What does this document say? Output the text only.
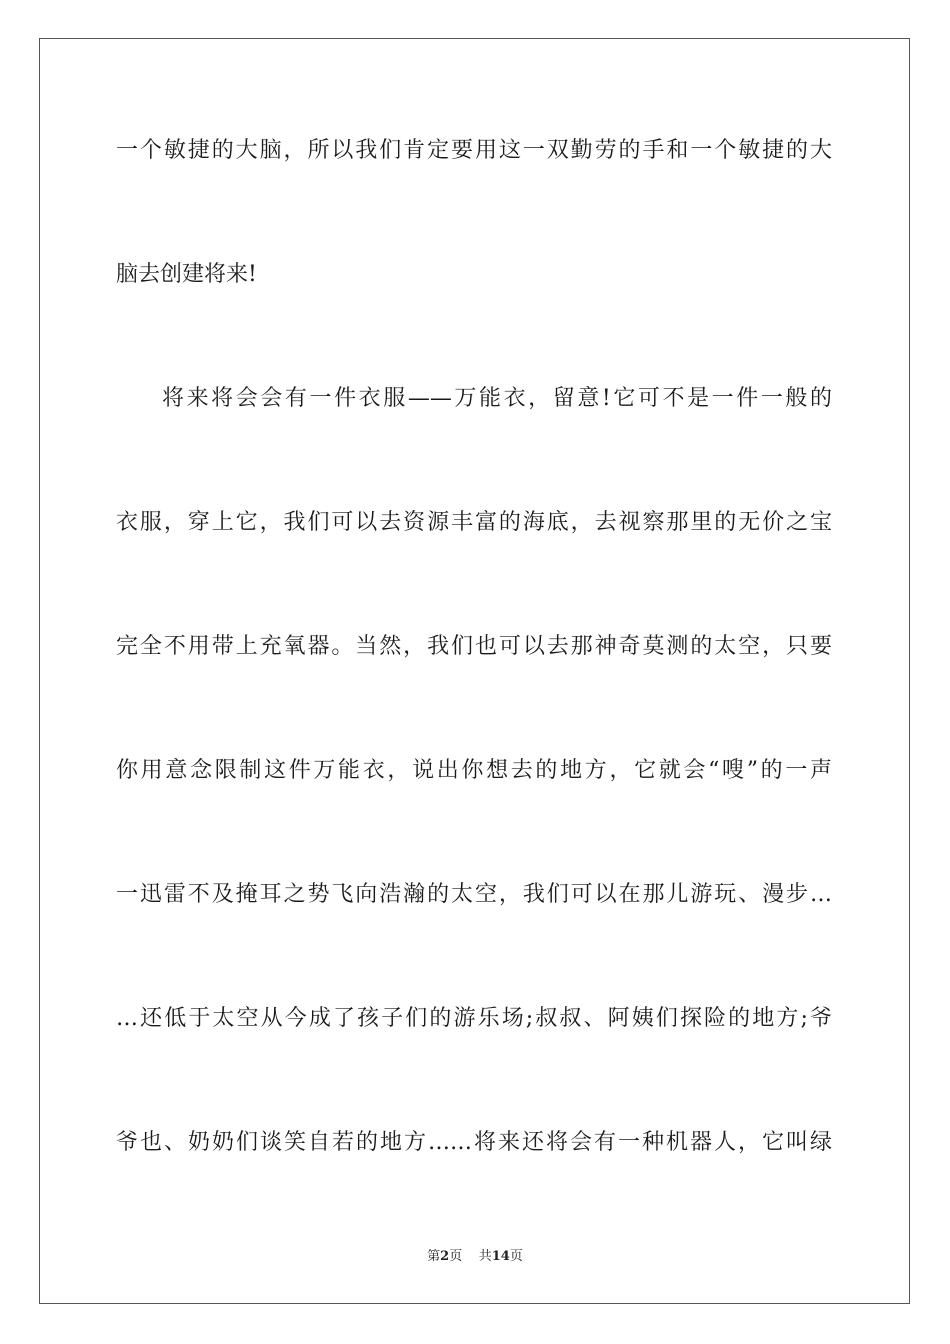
一个敏捷的大脑，所以我们肯定要用这一双勤劳的手和一个敏捷的大
脑去创建将来!
将来将会会有一件衣服——万能衣，留意!它可不是一件一般的
衣服，穿上它，我们可以去资源丰富的海底，去视察那里的无价之宝
完全不用带上充氧器。当然，我们也可以去那神奇莫测的太空，只要
你用意念限制这件万能衣，说出你想去的地方，它就会“嗖”的一声
一迅雷不及掩耳之势飞向浩瀚的太空，我们可以在那儿游玩、漫步…
…还低于太空从今成了孩子们的游乐场;叔叔、阿姨们探险的地方;爷
爷也、奶奶们谈笑自若的地方……将来还将会有一种机器人，它叫绿
第2页 共14页
